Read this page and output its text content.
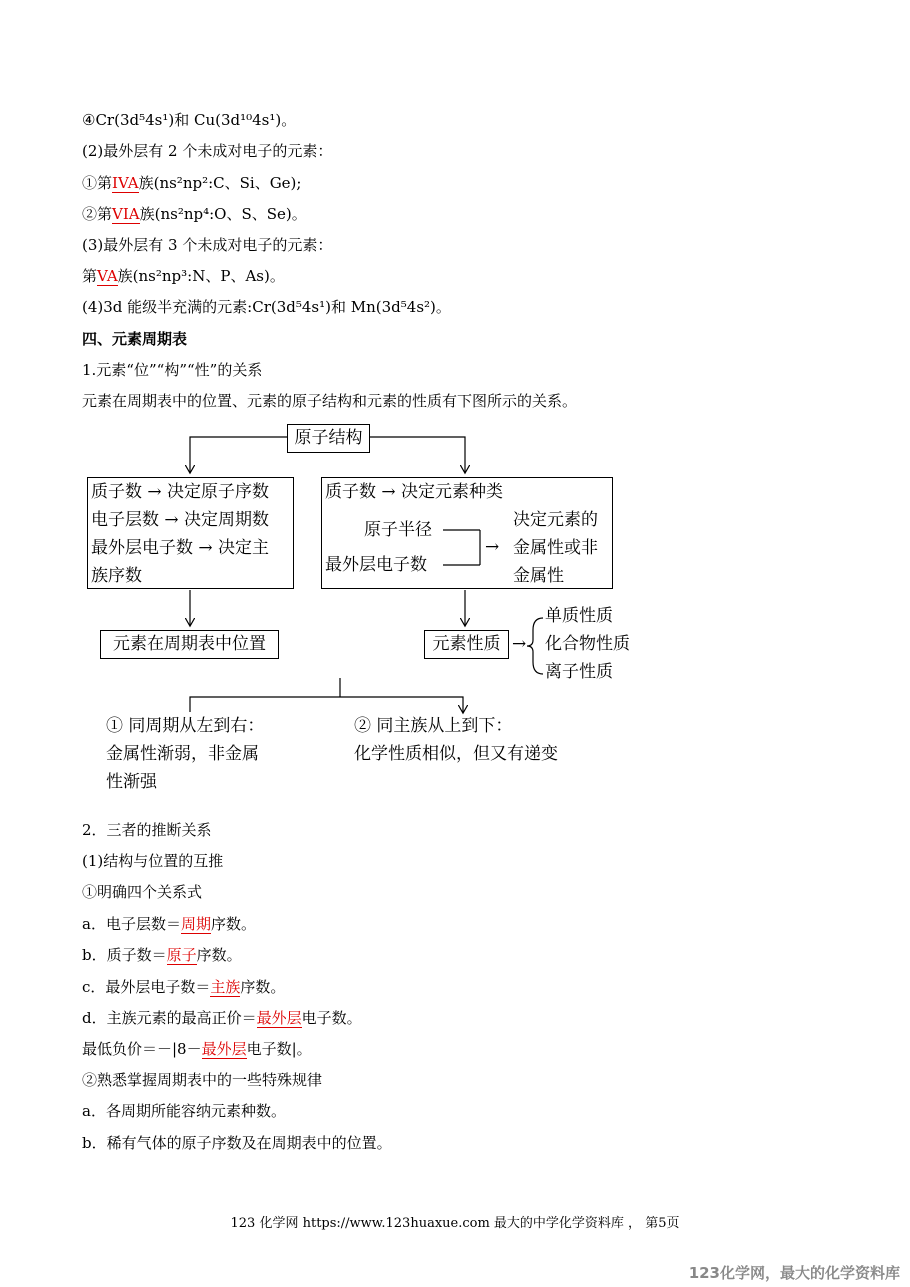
④Cr(3d⁵4s¹)和 Cu(3d¹⁰4s¹)。
(2)最外层有 2 个未成对电子的元素：
①第IVA族(ns²np²:C、Si、Ge);
②第VIA族(ns²np⁴:O、S、Se)。
(3)最外层有 3 个未成对电子的元素：
第VA族(ns²np³:N、P、As)。
(4)3d 能级半充满的元素:Cr(3d⁵4s¹)和 Mn(3d⁵4s²)。
四、元素周期表
1.元素“位”“构”“性”的关系
元素在周期表中的位置、元素的原子结构和元素的性质有下图所示的关系。
原子结构
质子数 → 决定原子序数
电子层数 → 决定周期数
最外层电子数 → 决定主
族序数
质子数 → 决定元素种类
原子半径
最外层电子数
→
决定元素的
金属性或非
金属性
元素在周期表中位置	元素性质 →
单质性质
化合物性质
离子性质
① 同周期从左到右：
金属性渐弱，非金属
性渐强
② 同主族从上到下：
化学性质相似，但又有递变
2．三者的推断关系
(1)结构与位置的互推
①明确四个关系式
a．电子层数＝周期序数。
b．质子数＝原子序数。
c．最外层电子数＝主族序数。
d．主族元素的最高正价＝最外层电子数。
最低负价＝－|8－最外层电子数|。
②熟悉掌握周期表中的一些特殊规律
a．各周期所能容纳元素种数。
b．稀有气体的原子序数及在周期表中的位置。
123 化学网 https://www.123huaxue.com 最大的中学化学资料库 ， 第5页
123化学网，最大的化学资料库
